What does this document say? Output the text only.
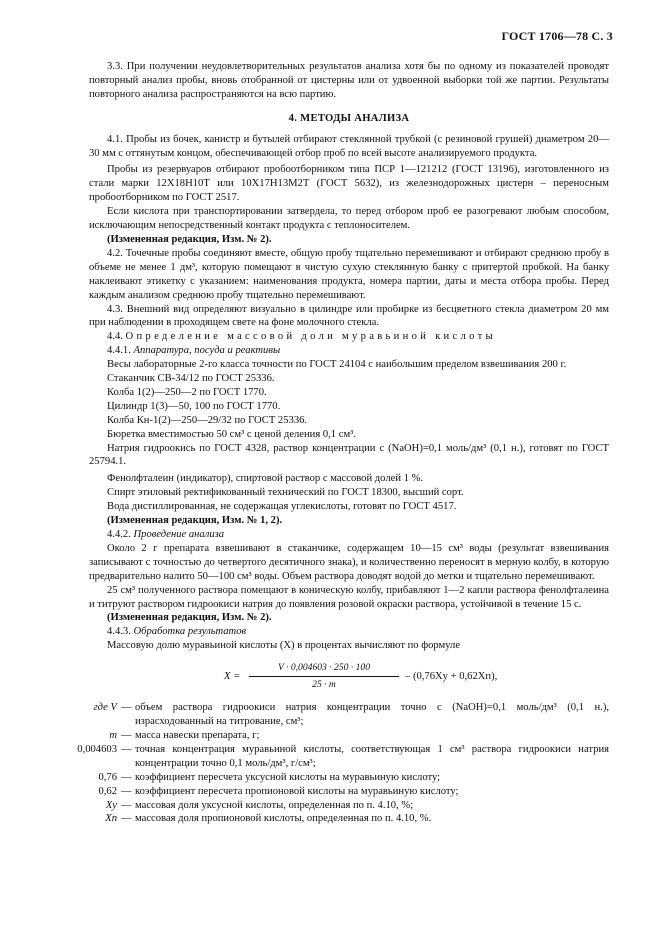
ГОСТ 1706—78 С. 3

3.3. При получении неудовлетворительных результатов анализа хотя бы по одному из показателей проводят повторный анализ пробы, вновь отобранной от цистерны или от удвоенной выборки той же партии. Результаты повторного анализа распространяются на всю партию.

4. МЕТОДЫ АНАЛИЗА

4.1. Пробы из бочек, канистр и бутылей отбирают стеклянной трубкой (с резиновой грушей) диаметром 20—30 мм с оттянутым концом, обеспечивающей отбор проб по всей высоте анализируемого продукта.

Пробы из резервуаров отбирают пробоотборником типа ПСР 1—121212 (ГОСТ 13196), изготовленного из стали марки 12Х18Н10Т или 10Х17Н13М2Т (ГОСТ 5632), из железнодорожных цистерн – переносным пробоотборником по ГОСТ 2517.

Если кислота при транспортировании затвердела, то перед отбором проб ее разогревают любым способом, исключающим непосредственный контакт продукта с теплоносителем.

(Измененная редакция, Изм. № 2).

4.2. Точечные пробы соединяют вместе, общую пробу тщательно перемешивают и отбирают среднюю пробу в объеме не менее 1 дм³, которую помещают в чистую сухую стеклянную банку с притертой пробкой. На банку наклеивают этикетку с указанием: наименования продукта, номера партии, даты и места отбора пробы. Перед каждым анализом среднюю пробу тщательно перемешивают.

4.3. Внешний вид определяют визуально в цилиндре или пробирке из бесцветного стекла диаметром 20 мм при наблюдении в проходящем свете на фоне молочного стекла.

4.4. Определение массовой доли муравьиной кислоты

4.4.1. Аппаратура, посуда и реактивы

Весы лабораторные 2-го класса точности по ГОСТ 24104 с наибольшим пределом взвешивания 200 г.

Стаканчик СВ-34/12 по ГОСТ 25336.

Колба 1(2)—250—2 по ГОСТ 1770.

Цилиндр 1(3)—50, 100 по ГОСТ 1770.

Колба Кн-1(2)—250—29/32 по ГОСТ 25336.

Бюретка вместимостью 50 см³ с ценой деления 0,1 см³.

Натрия гидроокись по ГОСТ 4328, раствор концентрации c (NaOH)=0,1 моль/дм³ (0,1 н.), готовят по ГОСТ 25794.1.

Фенолфталеин (индикатор), спиртовой раствор с массовой долей 1 %.

Спирт этиловый ректификованный технический по ГОСТ 18300, высший сорт.

Вода дистиллированная, не содержащая углекислоты, готовят по ГОСТ 4517.

(Измененная редакция, Изм. № 1, 2).

4.4.2. Проведение анализа

Около 2 г препарата взвешивают в стаканчике, содержащем 10—15 см³ воды (результат взвешивания записывают с точностью до четвертого десятичного знака), и количественно переносят в мерную колбу, в которую предварительно налито 50—100 см³ воды. Объем раствора доводят водой до метки и тщательно перемешивают.

25 см³ полученного раствора помещают в коническую колбу, прибавляют 1—2 капли раствора фенолфталеина и титруют раствором гидроокиси натрия до появления розовой окраски раствора, устойчивой в течение 15 с.

(Измененная редакция, Изм. № 2).

4.4.3. Обработка результатов

Массовую долю муравьиной кислоты (X) в процентах вычисляют по формуле

$X = \frac{V \cdot 0,004603 \cdot 250 \cdot 100}{25 \cdot m} - (0,76Xу + 0,62Xп)$,
где V — объем раствора гидроокиси натрия концентрации точно c (NaOH)=0,1 моль/дм³ (0,1 н.), израсходованный на титрование, см³;
m — масса навески препарата, г;
0,004603 — точная концентрация муравьиной кислоты, соответствующая 1 см³ раствора гидроокиси натрия концентрации точно 0,1 моль/дм³, г/см³;
0,76 — коэффициент пересчета уксусной кислоты на муравьиную кислоту;
0,62 — коэффициент пересчета пропионовой кислоты на муравьиную кислоту;
Xу — массовая доля уксусной кислоты, определенная по п. 4.10, %;
Xп — массовая доля пропионовой кислоты, определенная по п. 4.10, %.
